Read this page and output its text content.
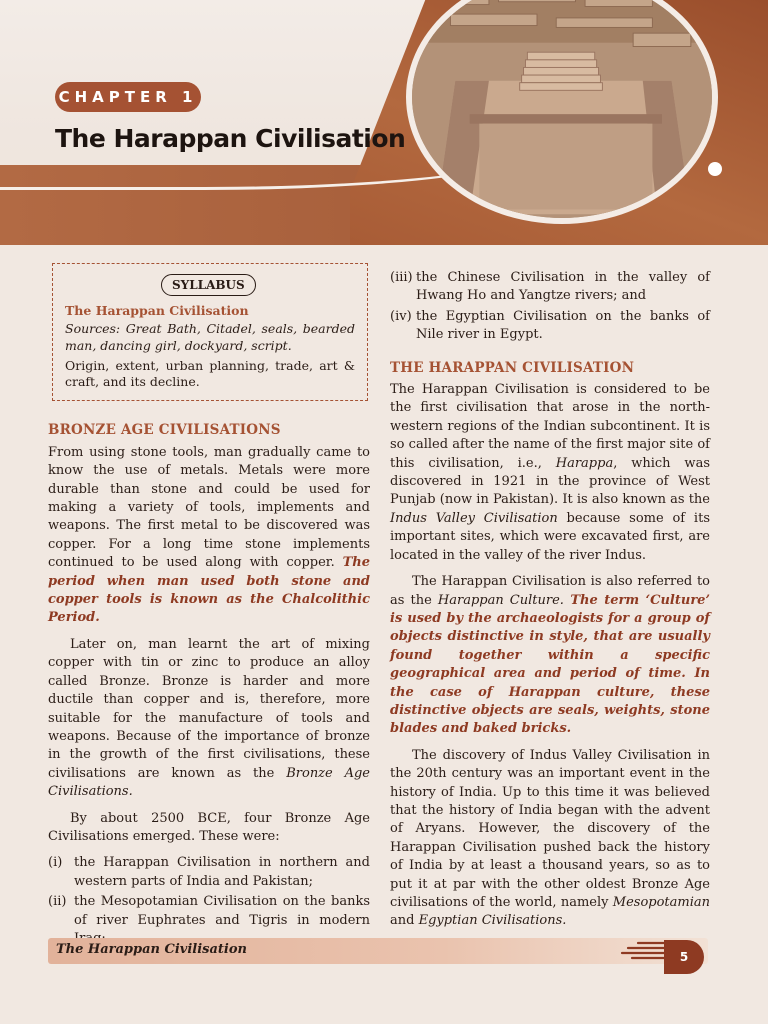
CHAPTER 1
The Harappan Civilisation
SYLLABUS
The Harappan Civilisation
Sources: Great Bath, Citadel, seals, bearded man, dancing girl, dockyard, script.
Origin, extent, urban planning, trade, art & craft, and its decline.
BRONZE AGE CIVILISATIONS

From using stone tools, man gradually came to know the use of metals. Metals were more durable than stone and could be used for making a variety of tools, implements and weapons. The first metal to be discovered was copper. For a long time stone implements continued to be used along with copper. The period when man used both stone and copper tools is known as the Chalcolithic Period.

Later on, man learnt the art of mixing copper with tin or zinc to produce an alloy called Bronze. Bronze is harder and more ductile than copper and is, therefore, more suitable for the manufacture of tools and weapons. Because of the importance of bronze in the growth of the first civilisations, these civilisations are known as the Bronze Age Civilisations.

By about 2500 BCE, four Bronze Age Civilisations emerged. These were:

(i) the Harappan Civilisation in northern and western parts of India and Pakistan;
(ii) the Mesopotamian Civilisation on the banks of river Euphrates and Tigris in modern
(iii) the Chinese Civilisation in the valley of Hwang Ho and Yangtze rivers; and
(iv) the Egyptian Civilisation on the banks of Nile river in Egypt.
THE HARAPPAN CIVILISATION

The Harappan Civilisation is considered to be the first civilisation that arose in the north-western regions of the Indian subcontinent. It is so called after the name of the first major site of this civilisation, i.e., Harappa, which was discovered in 1921 in the province of West Punjab (now in Pakistan). It is also known as the Indus Valley Civilisation because some of its important sites, which were excavated first, are located in the valley of the river Indus.

The Harappan Civilisation is also referred to as the Harappan Culture. The term ‘Culture’ is used by the archaeologists for a group of objects distinctive in style, that are usually found together within a specific geographical area and period of time. In the case of Harappan culture, these distinctive objects are seals, weights, stone blades and baked bricks.

The discovery of Indus Valley Civilisation in the 20th century was an important event in the history of India. Up to this time it was believed that the history of India began with the advent of Aryans. However, the discovery of the Harappan Civilisation pushed back the history of India by at least a thousand years, so as to put it at par with the other oldest Bronze Age civilisations of the world, namely Mesopotamian and Egyptian Civilisations.

The Harappan Civilisation	5
